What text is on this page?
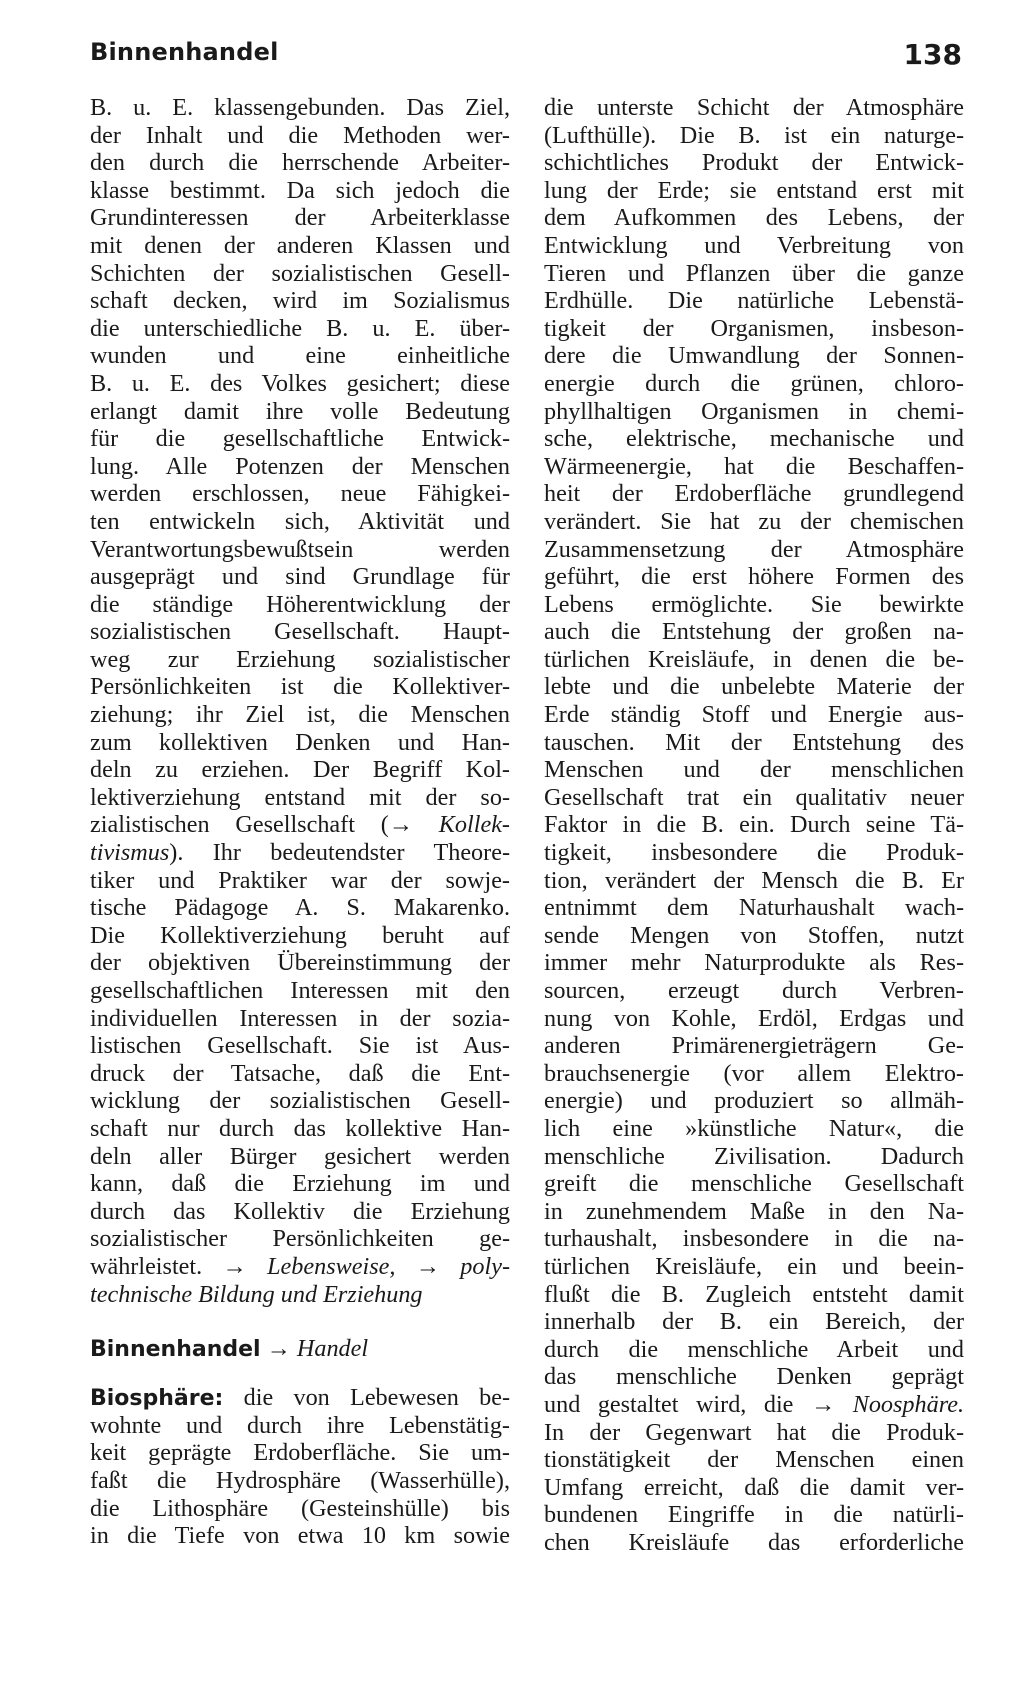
Binnenhandel	138
B. u. E. klassengebunden. Das Ziel,
der Inhalt und die Methoden wer-
den durch die herrschende Arbeiter-
klasse bestimmt. Da sich jedoch die
Grundinteressen der Arbeiterklasse
mit denen der anderen Klassen und
Schichten der sozialistischen Gesell-
schaft decken, wird im Sozialismus
die unterschiedliche B. u. E. über-
wunden und eine einheitliche
B. u. E. des Volkes gesichert; diese
erlangt damit ihre volle Bedeutung
für die gesellschaftliche Entwick-
lung. Alle Potenzen der Menschen
werden erschlossen, neue Fähigkei-
ten entwickeln sich, Aktivität und
Verantwortungsbewußtsein werden
ausgeprägt und sind Grundlage für
die ständige Höherentwicklung der
sozialistischen Gesellschaft. Haupt-
weg zur Erziehung sozialistischer
Persönlichkeiten ist die Kollektiver-
ziehung; ihr Ziel ist, die Menschen
zum kollektiven Denken und Han-
deln zu erziehen. Der Begriff Kol-
lektiverziehung entstand mit der so-
zialistischen Gesellschaft (→ Kollek-
tivismus). Ihr bedeutendster Theore-
tiker und Praktiker war der sowje-
tische Pädagoge A. S. Makarenko.
Die Kollektiverziehung beruht auf
der objektiven Übereinstimmung der
gesellschaftlichen Interessen mit den
individuellen Interessen in der sozia-
listischen Gesellschaft. Sie ist Aus-
druck der Tatsache, daß die Ent-
wicklung der sozialistischen Gesell-
schaft nur durch das kollektive Han-
deln aller Bürger gesichert werden
kann, daß die Erziehung im und
durch das Kollektiv die Erziehung
sozialistischer Persönlichkeiten ge-
währleistet. → Lebensweise, → poly-
technische Bildung und Erziehung
Binnenhandel → Handel
Biosphäre: die von Lebewesen be-
wohnte und durch ihre Lebenstätig-
keit geprägte Erdoberfläche. Sie um-
faßt die Hydrosphäre (Wasserhülle),
die Lithosphäre (Gesteinshülle) bis
in die Tiefe von etwa 10 km sowie
die unterste Schicht der Atmosphäre
(Lufthülle). Die B. ist ein naturge-
schichtliches Produkt der Entwick-
lung der Erde; sie entstand erst mit
dem Aufkommen des Lebens, der
Entwicklung und Verbreitung von
Tieren und Pflanzen über die ganze
Erdhülle. Die natürliche Lebenstä-
tigkeit der Organismen, insbeson-
dere die Umwandlung der Sonnen-
energie durch die grünen, chloro-
phyllhaltigen Organismen in chemi-
sche, elektrische, mechanische und
Wärmeenergie, hat die Beschaffen-
heit der Erdoberfläche grundlegend
verändert. Sie hat zu der chemischen
Zusammensetzung der Atmosphäre
geführt, die erst höhere Formen des
Lebens ermöglichte. Sie bewirkte
auch die Entstehung der großen na-
türlichen Kreisläufe, in denen die be-
lebte und die unbelebte Materie der
Erde ständig Stoff und Energie aus-
tauschen. Mit der Entstehung des
Menschen und der menschlichen
Gesellschaft trat ein qualitativ neuer
Faktor in die B. ein. Durch seine Tä-
tigkeit, insbesondere die Produk-
tion, verändert der Mensch die B. Er
entnimmt dem Naturhaushalt wach-
sende Mengen von Stoffen, nutzt
immer mehr Naturprodukte als Res-
sourcen, erzeugt durch Verbren-
nung von Kohle, Erdöl, Erdgas und
anderen Primärenergieträgern Ge-
brauchsenergie (vor allem Elektro-
energie) und produziert so allmäh-
lich eine »künstliche Natur«, die
menschliche Zivilisation. Dadurch
greift die menschliche Gesellschaft
in zunehmendem Maße in den Na-
turhaushalt, insbesondere in die na-
türlichen Kreisläufe, ein und beein-
flußt die B. Zugleich entsteht damit
innerhalb der B. ein Bereich, der
durch die menschliche Arbeit und
das menschliche Denken geprägt
und gestaltet wird, die → Noosphäre.
In der Gegenwart hat die Produk-
tionstätigkeit der Menschen einen
Umfang erreicht, daß die damit ver-
bundenen Eingriffe in die natürli-
chen Kreisläufe das erforderliche
